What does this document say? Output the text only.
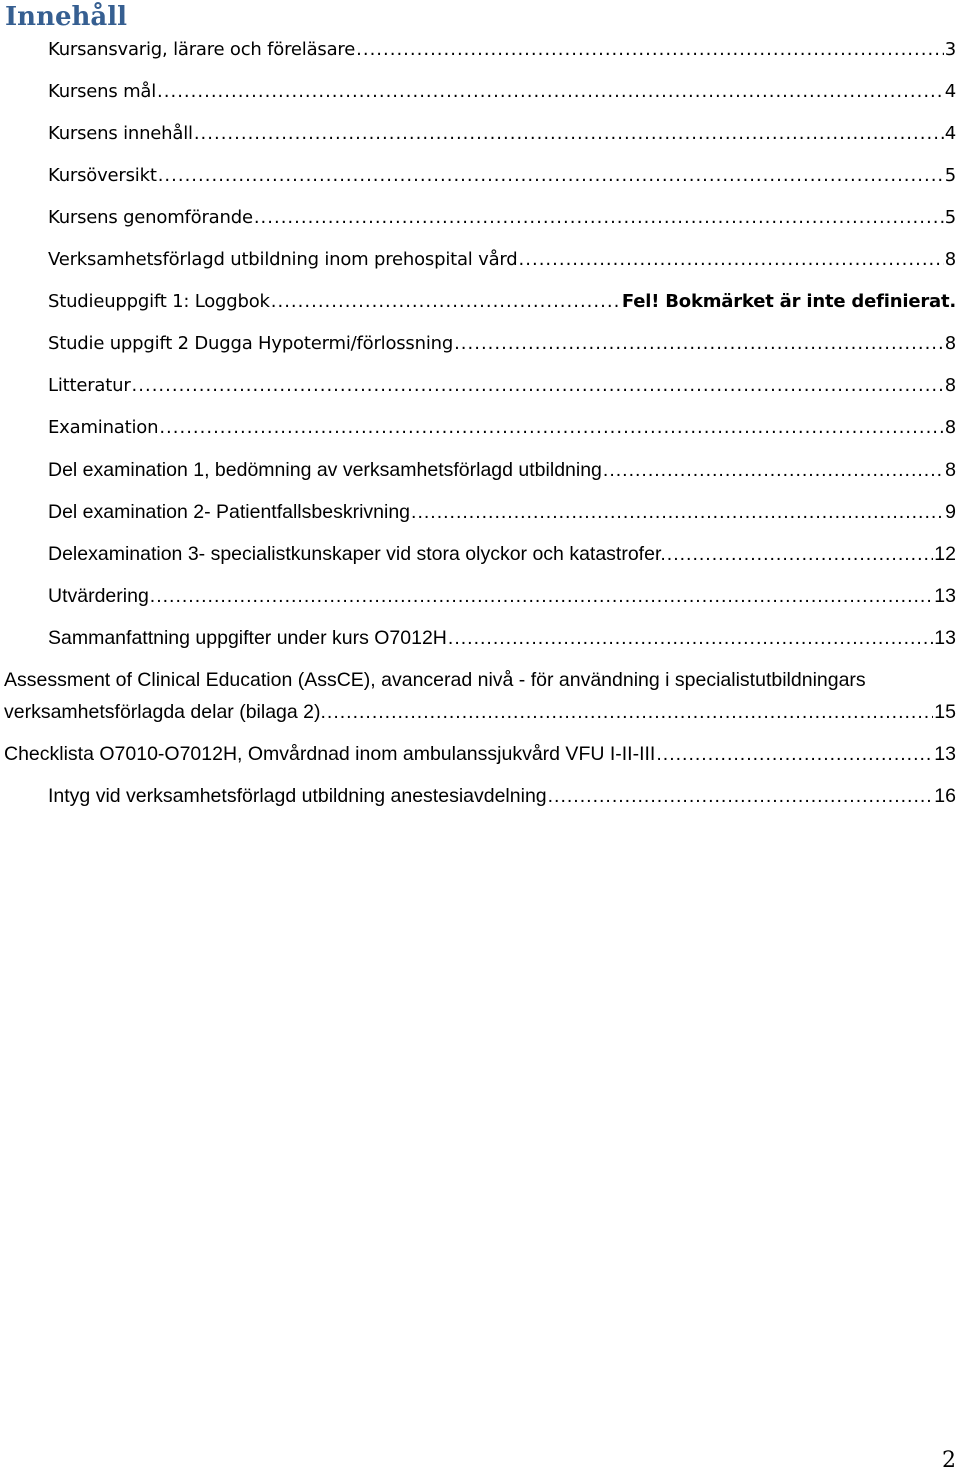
Innehåll
Kursansvarig, lärare och föreläsare .....	3
Kursens mål .....	4
Kursens innehåll .....	4
Kursöversikt .....	5
Kursens genomförande .....	5
Verksamhetsförlagd utbildning inom prehospital vård .....	8
Studieuppgift 1: Loggbok .....	Fel! Bokmärket är inte definierat.
Studie uppgift 2 Dugga Hypotermi/förlossning .....	8
Litteratur .....	8
Examination .....	8
Del examination 1, bedömning av verksamhetsförlagd utbildning .....	8
Del examination 2- Patientfallsbeskrivning .....	9
Delexamination 3- specialistkunskaper vid stora olyckor och katastrofer. .....	12
Utvärdering .....	13
Sammanfattning uppgifter under kurs O7012H .....	13
Assessment of Clinical Education (AssCE), avancerad nivå - för användning i specialistutbildningars
verksamhetsförlagda delar (bilaga 2). .....	15
Checklista O7010-O7012H, Omvårdnad inom ambulanssjukvård VFU I-II-III .....	13
Intyg vid verksamhetsförlagd utbildning anestesiavdelning .....	16
2
